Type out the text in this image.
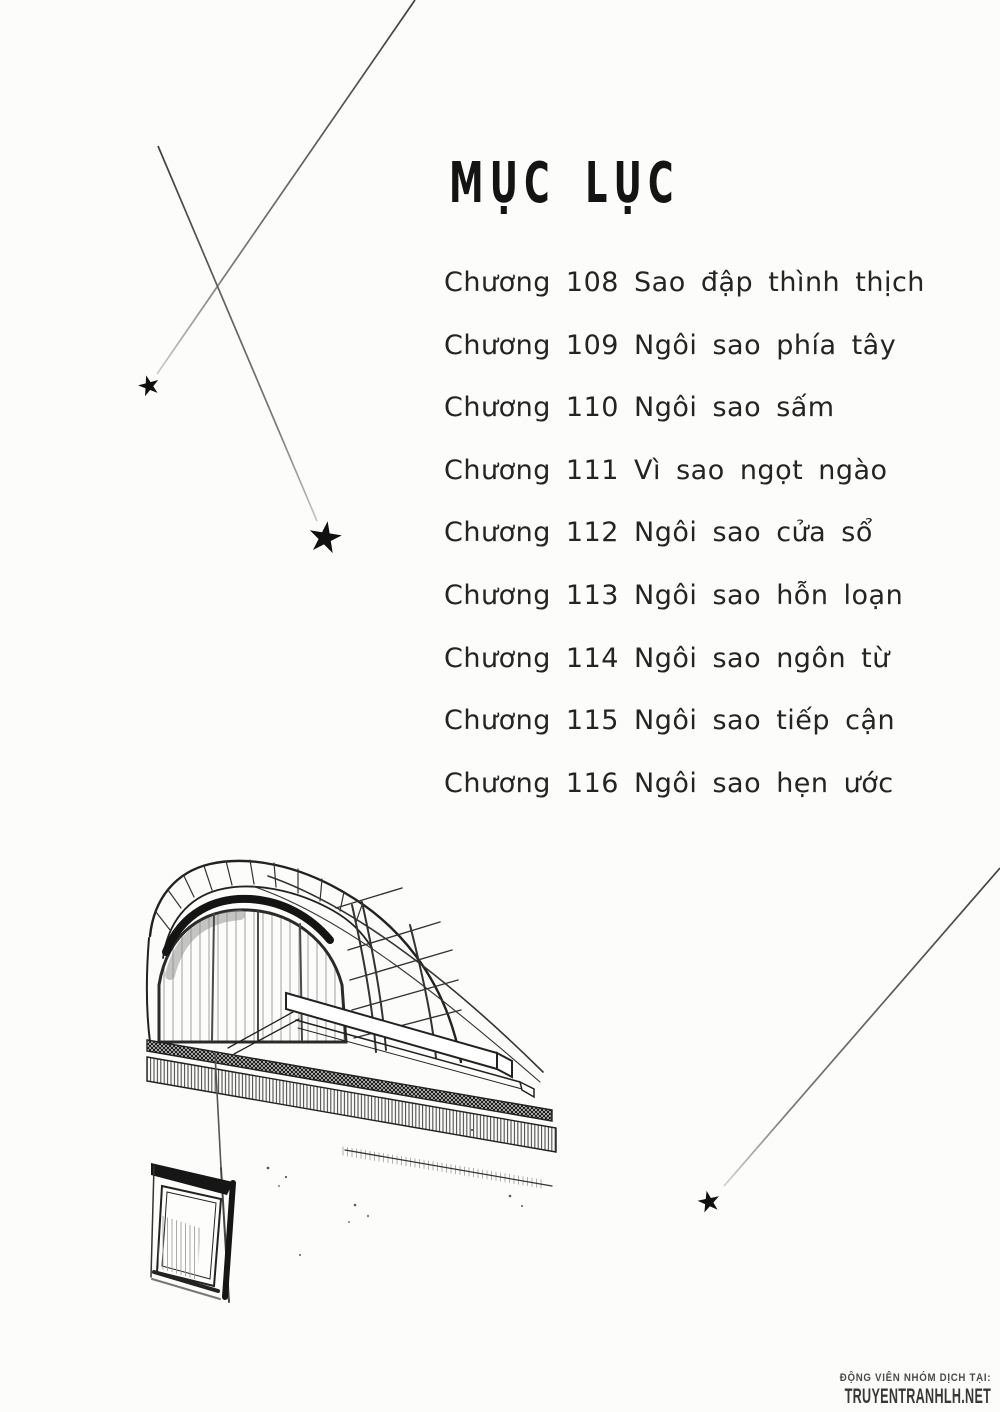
MỤC LỤC
Chương 108 Sao đập thình thịch
Chương 109 Ngôi sao phía tây
Chương 110 Ngôi sao sấm
Chương 111 Vì sao ngọt ngào
Chương 112 Ngôi sao cửa sổ
Chương 113 Ngôi sao hỗn loạn
Chương 114 Ngôi sao ngôn từ
Chương 115 Ngôi sao tiếp cận
Chương 116 Ngôi sao hẹn ước
ĐỘNG VIÊN NHÓM DỊCH TẠI:
TRUYENTRANHLH.NET
